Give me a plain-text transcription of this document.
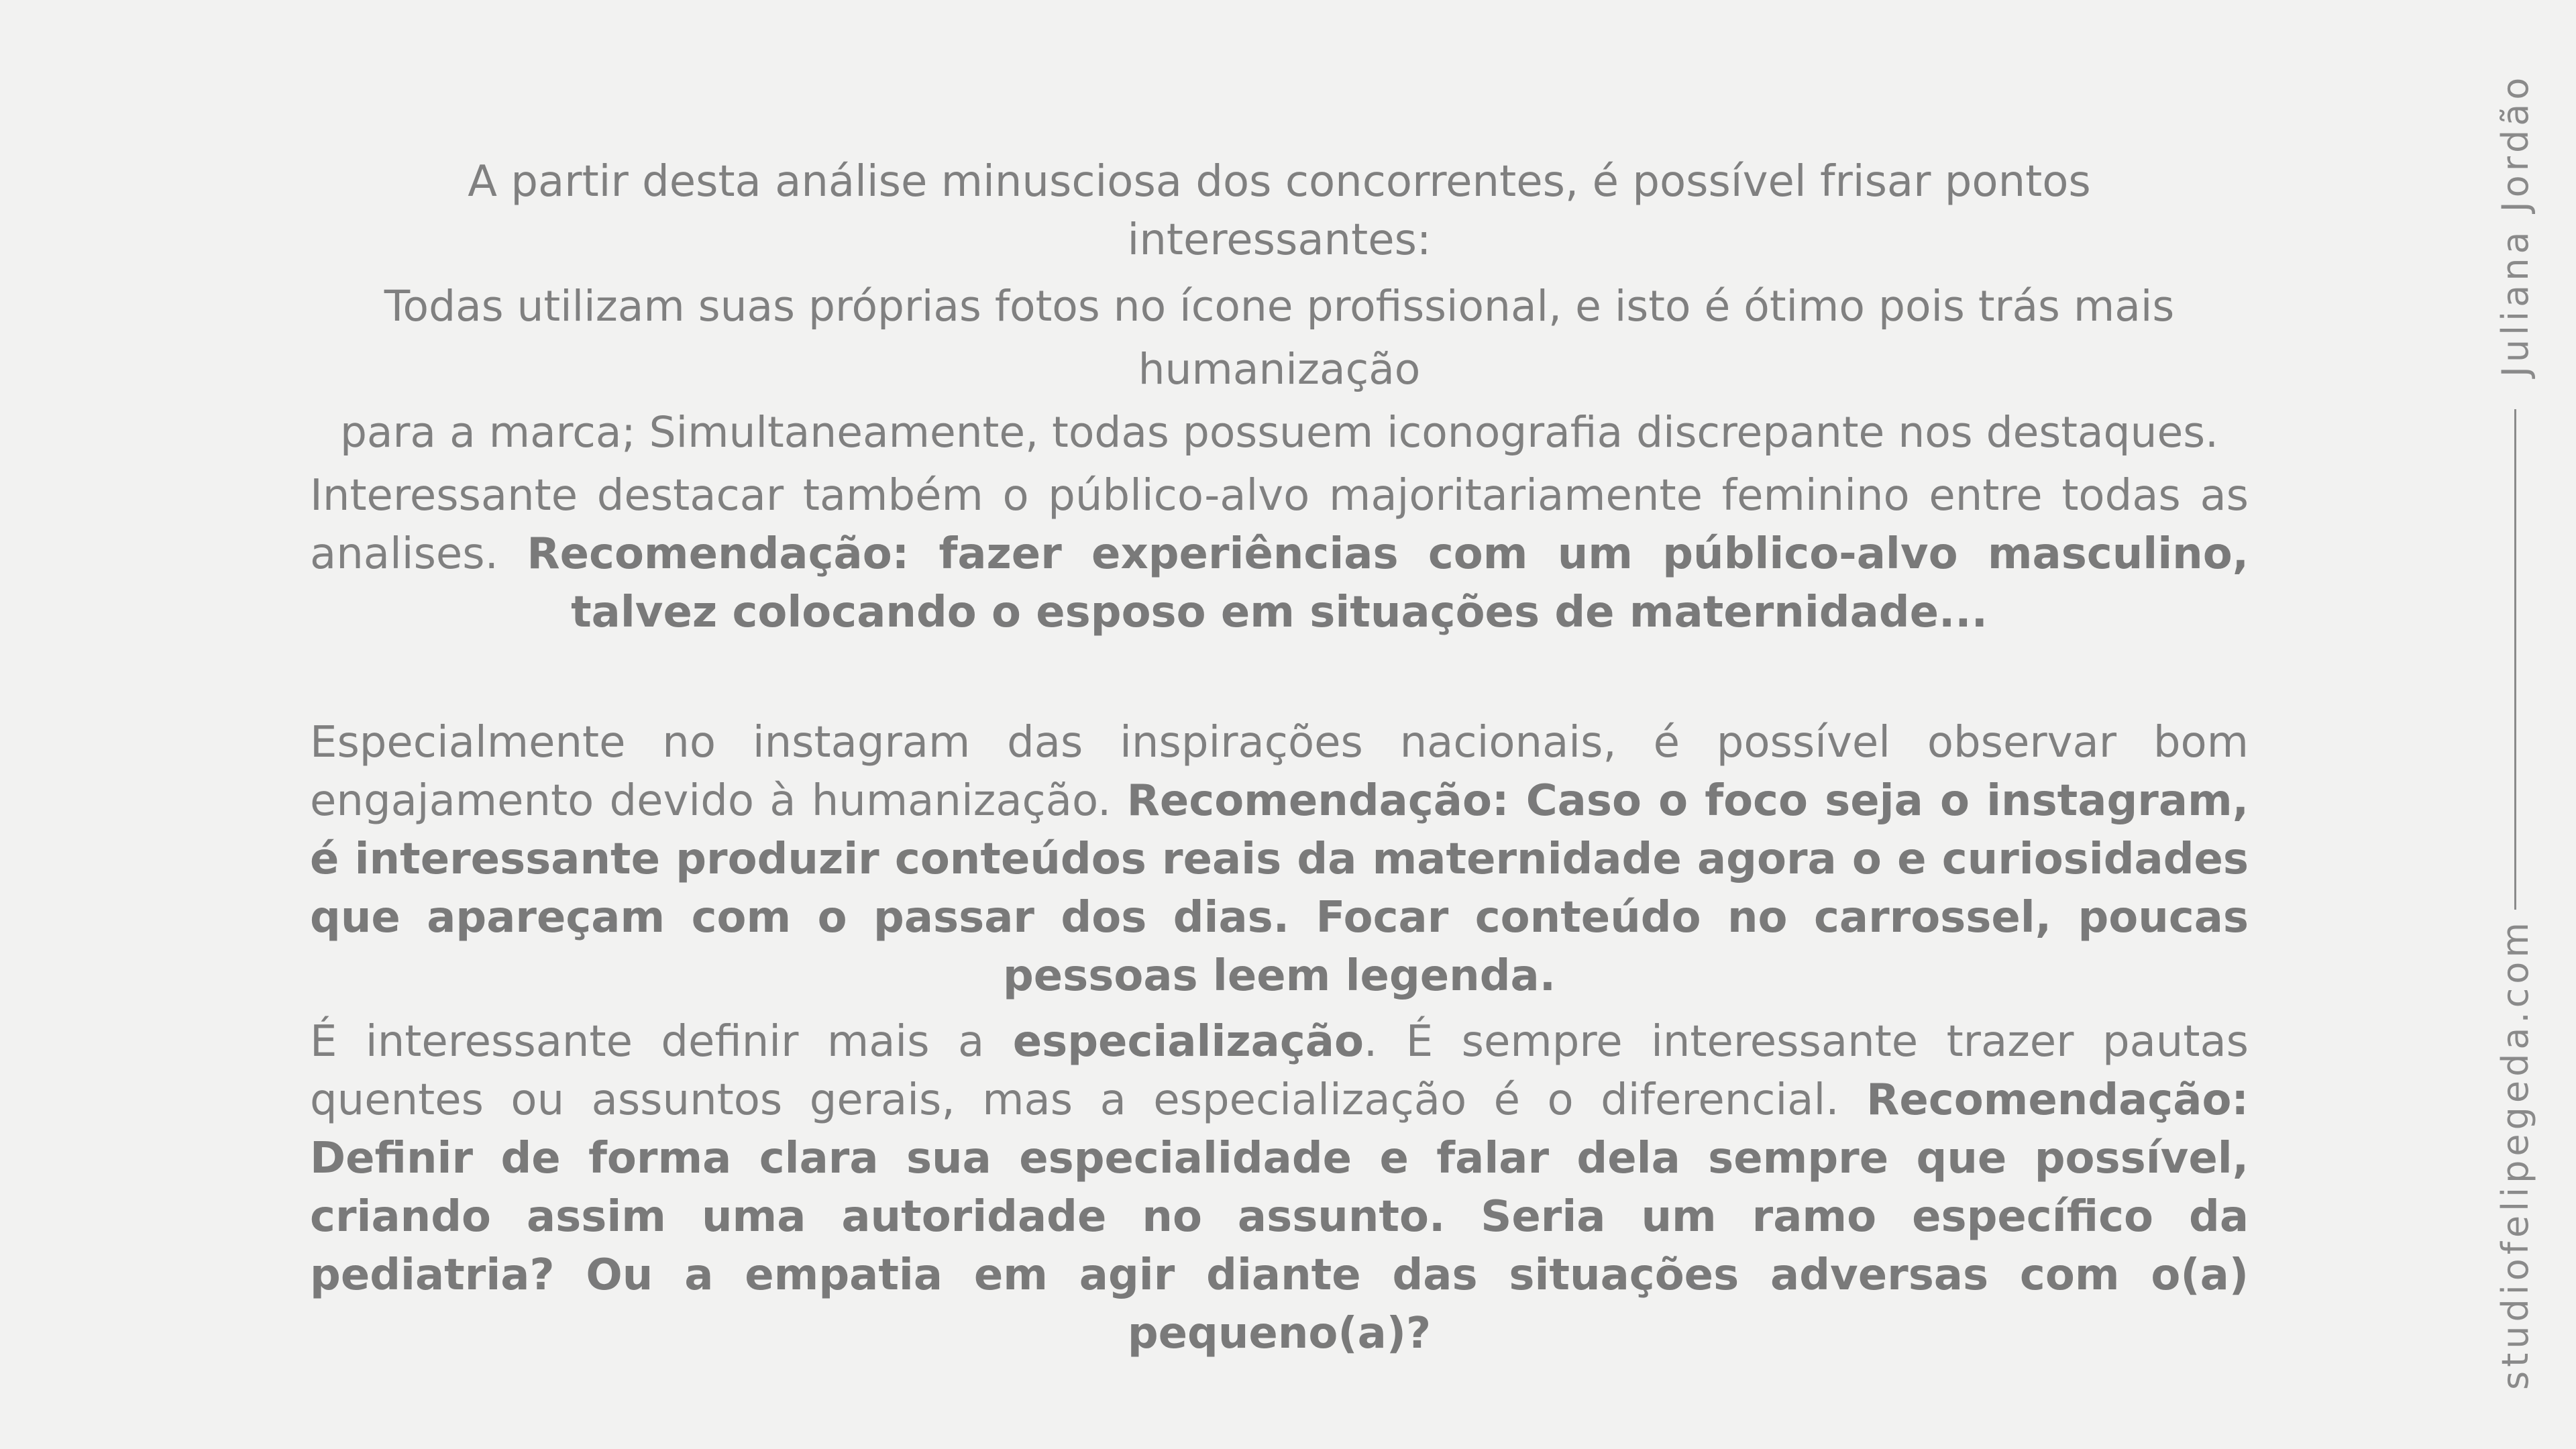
A partir desta análise minusciosa dos concorrentes, é possível frisar pontos interessantes:

Todas utilizam suas próprias fotos no ícone profissional, e isto é ótimo pois trás mais humanização
para a marca; Simultaneamente, todas possuem iconografia discrepante nos destaques.

Interessante destacar também o público-alvo majoritariamente feminino entre todas as analises. Recomendação: fazer experiências com um público-alvo masculino, talvez colocando o esposo em situações de maternidade...

Especialmente no instagram das inspirações nacionais, é possível observar bom engajamento devido à humanização. Recomendação: Caso o foco seja o instagram, é interessante produzir conteúdos reais da maternidade agora o e curiosidades que apareçam com o passar dos dias. Focar conteúdo no carrossel, poucas pessoas leem legenda.

É interessante definir mais a especialização. É sempre interessante trazer pautas quentes ou assuntos gerais, mas a especialização é o diferencial. Recomendação: Definir de forma clara sua especialidade e falar dela sempre que possível, criando assim uma autoridade no assunto. Seria um ramo específico da pediatria? Ou a empatia em agir diante das situações adversas com o(a) pequeno(a)?

Juliana Jordão
studiofelipegeda.com
